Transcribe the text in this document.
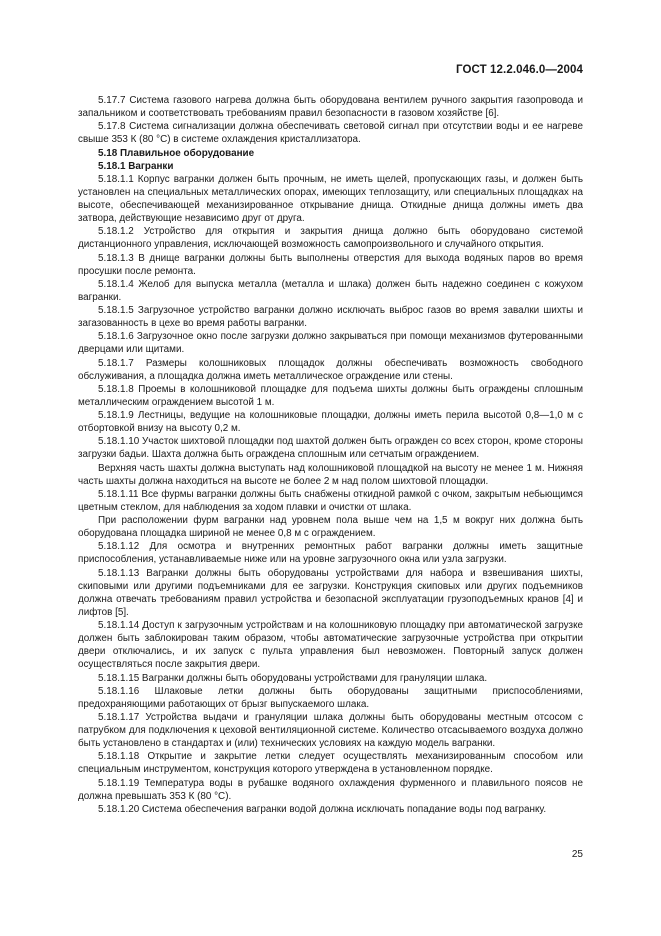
ГОСТ 12.2.046.0—2004

5.17.7 Система газового нагрева должна быть оборудована вентилем ручного закрытия газопровода и запальником и соответствовать требованиям правил безопасности в газовом хозяйстве [6].

5.17.8 Система сигнализации должна обеспечивать световой сигнал при отсутствии воды и ее нагреве свыше 353 К (80 °С) в системе охлаждения кристаллизатора.

5.18 Плавильное оборудование

5.18.1 Вагранки

5.18.1.1 Корпус вагранки должен быть прочным, не иметь щелей, пропускающих газы, и должен быть установлен на специальных металлических опорах, имеющих теплозащиту, или специальных площадках на высоте, обеспечивающей механизированное открывание днища. Откидные днища должны иметь два затвора, действующие независимо друг от друга.

5.18.1.2 Устройство для открытия и закрытия днища должно быть оборудовано системой дистанционного управления, исключающей возможность самопроизвольного и случайного открытия.

5.18.1.3 В днище вагранки должны быть выполнены отверстия для выхода водяных паров во время просушки после ремонта.

5.18.1.4 Желоб для выпуска металла (металла и шлака) должен быть надежно соединен с кожухом вагранки.

5.18.1.5 Загрузочное устройство вагранки должно исключать выброс газов во время завалки шихты и загазованность в цехе во время работы вагранки.

5.18.1.6 Загрузочное окно после загрузки должно закрываться при помощи механизмов футерованными дверцами или щитами.

5.18.1.7 Размеры колошниковых площадок должны обеспечивать возможность свободного обслуживания, а площадка должна иметь металлическое ограждение или стены.

5.18.1.8 Проемы в колошниковой площадке для подъема шихты должны быть ограждены сплошным металлическим ограждением высотой 1 м.

5.18.1.9 Лестницы, ведущие на колошниковые площадки, должны иметь перила высотой 0,8—1,0 м с отбортовкой внизу на высоту 0,2 м.

5.18.1.10 Участок шихтовой площадки под шахтой должен быть огражден со всех сторон, кроме стороны загрузки бадьи. Шахта должна быть ограждена сплошным или сетчатым ограждением.

Верхняя часть шахты должна выступать над колошниковой площадкой на высоту не менее 1 м. Нижняя часть шахты должна находиться на высоте не более 2 м над полом шихтовой площадки.

5.18.1.11 Все фурмы вагранки должны быть снабжены откидной рамкой с очком, закрытым небьющимся цветным стеклом, для наблюдения за ходом плавки и очистки от шлака.

При расположении фурм вагранки над уровнем пола выше чем на 1,5 м вокруг них должна быть оборудована площадка шириной не менее 0,8 м с ограждением.

5.18.1.12 Для осмотра и внутренних ремонтных работ вагранки должны иметь защитные приспособления, устанавливаемые ниже или на уровне загрузочного окна или узла загрузки.

5.18.1.13 Вагранки должны быть оборудованы устройствами для набора и взвешивания шихты, скиповыми или другими подъемниками для ее загрузки. Конструкция скиповых или других подъемников должна отвечать требованиям правил устройства и безопасной эксплуатации грузоподъемных кранов [4] и лифтов [5].

5.18.1.14 Доступ к загрузочным устройствам и на колошниковую площадку при автоматической загрузке должен быть заблокирован таким образом, чтобы автоматические загрузочные устройства при открытии двери отключались, и их запуск с пульта управления был невозможен. Повторный запуск должен осуществляться после закрытия двери.

5.18.1.15 Вагранки должны быть оборудованы устройствами для грануляции шлака.

5.18.1.16 Шлаковые летки должны быть оборудованы защитными приспособлениями, предохраняющими работающих от брызг выпускаемого шлака.

5.18.1.17 Устройства выдачи и грануляции шлака должны быть оборудованы местным отсосом с патрубком для подключения к цеховой вентиляционной системе. Количество отсасываемого воздуха должно быть установлено в стандартах и (или) технических условиях на каждую модель вагранки.

5.18.1.18 Открытие и закрытие летки следует осуществлять механизированным способом или специальным инструментом, конструкция которого утверждена в установленном порядке.

5.18.1.19 Температура воды в рубашке водяного охлаждения фурменного и плавильного поясов не должна превышать 353 К (80 °С).

5.18.1.20 Система обеспечения вагранки водой должна исключать попадание воды под вагранку.

25
